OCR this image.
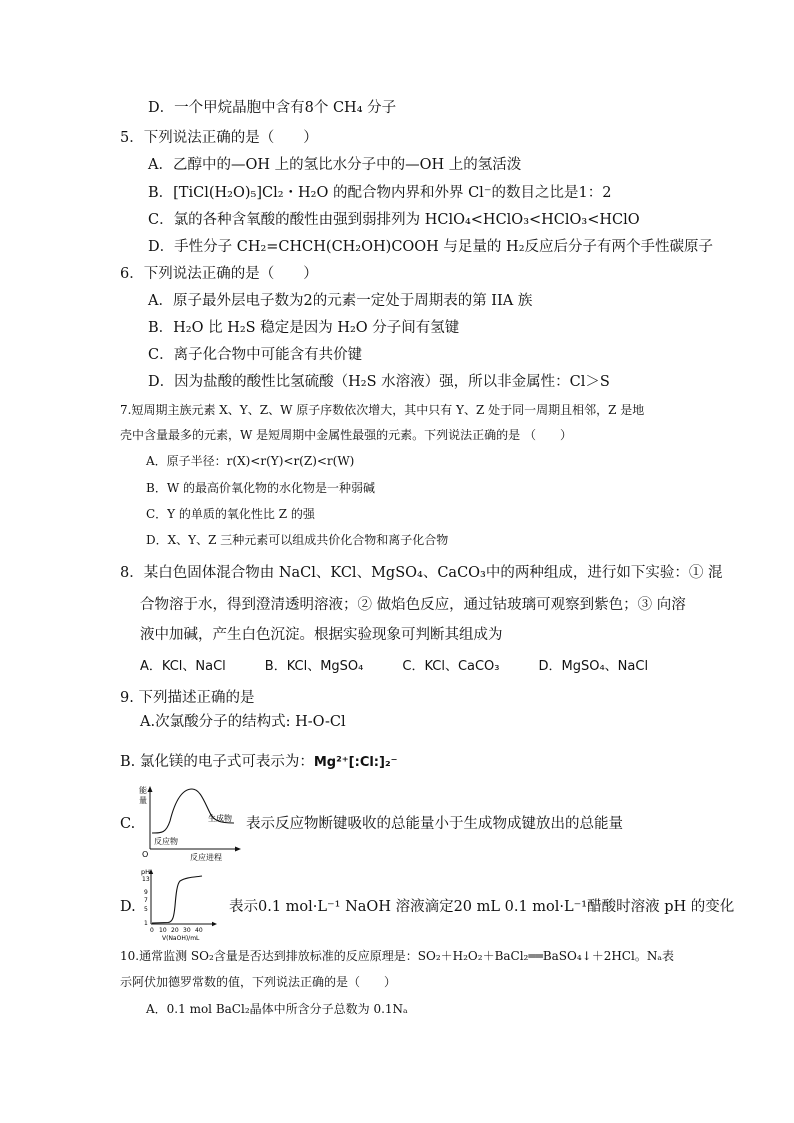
D．一个甲烷晶胞中含有8个 CH₄ 分子
5．下列说法正确的是（　　）
A．乙醇中的—OH 上的氢比水分子中的—OH 上的氢活泼
B．[TiCl(H₂O)₅]Cl₂・H₂O 的配合物内界和外界 Cl⁻的数目之比是1：2
C．氯的各种含氧酸的酸性由强到弱排列为 HClO₄<HClO₃<HClO₃<HClO
D．手性分子 CH₂=CHCH(CH₂OH)COOH 与足量的 H₂反应后分子有两个手性碳原子
6．下列说法正确的是（　　）
A．原子最外层电子数为2的元素一定处于周期表的第 IIA 族
B．H₂O 比 H₂S 稳定是因为 H₂O 分子间有氢键
C．离子化合物中可能含有共价键
D．因为盐酸的酸性比氢硫酸（H₂S 水溶液）强，所以非金属性：Cl＞S
7.短周期主族元素 X、Y、Z、W 原子序数依次增大，其中只有 Y、Z 处于同一周期且相邻，Z 是地
壳中含量最多的元素，W 是短周期中金属性最强的元素。下列说法正确的是 （　　）
A．原子半径：r(X)<r(Y)<r(Z)<r(W)
B．W 的最高价氧化物的水化物是一种弱碱
C．Y 的单质的氧化性比 Z 的强
D．X、Y、Z 三种元素可以组成共价化合物和离子化合物
8．某白色固体混合物由 NaCl、KCl、MgSO₄、CaCO₃中的两种组成，进行如下实验：① 混
合物溶于水，得到澄清透明溶液；② 做焰色反应，通过钴玻璃可观察到紫色；③ 向溶
液中加碱，产生白色沉淀。根据实验现象可判断其组成为
A．KCl、NaCl　　　B．KCl、MgSO₄　　　C．KCl、CaCO₃　　　D．MgSO₄、NaCl
9. 下列描述正确的是
A.次氯酸分子的结构式: H-O-Cl
B. 氯化镁的电子式可表示为：Mg²⁺[:Cl:]₂⁻
C.
能
量
反应物
生成物
O	反应进程
表示反应物断键吸收的总能量小于生成物成键放出的总能量
D.
pH
13
9
7
5
1
0 10 20 30 40
V(NaOH)/mL
表示0.1 mol·L⁻¹ NaOH 溶液滴定20 mL 0.1 mol·L⁻¹醋酸时溶液 pH 的变化
10.通常监测 SO₂含量是否达到排放标准的反应原理是：SO₂＋H₂O₂＋BaCl₂══BaSO₄↓＋2HCl。Nₐ表
示阿伏加德罗常数的值，下列说法正确的是（　　）
A．0.1 mol BaCl₂晶体中所含分子总数为 0.1Nₐ
